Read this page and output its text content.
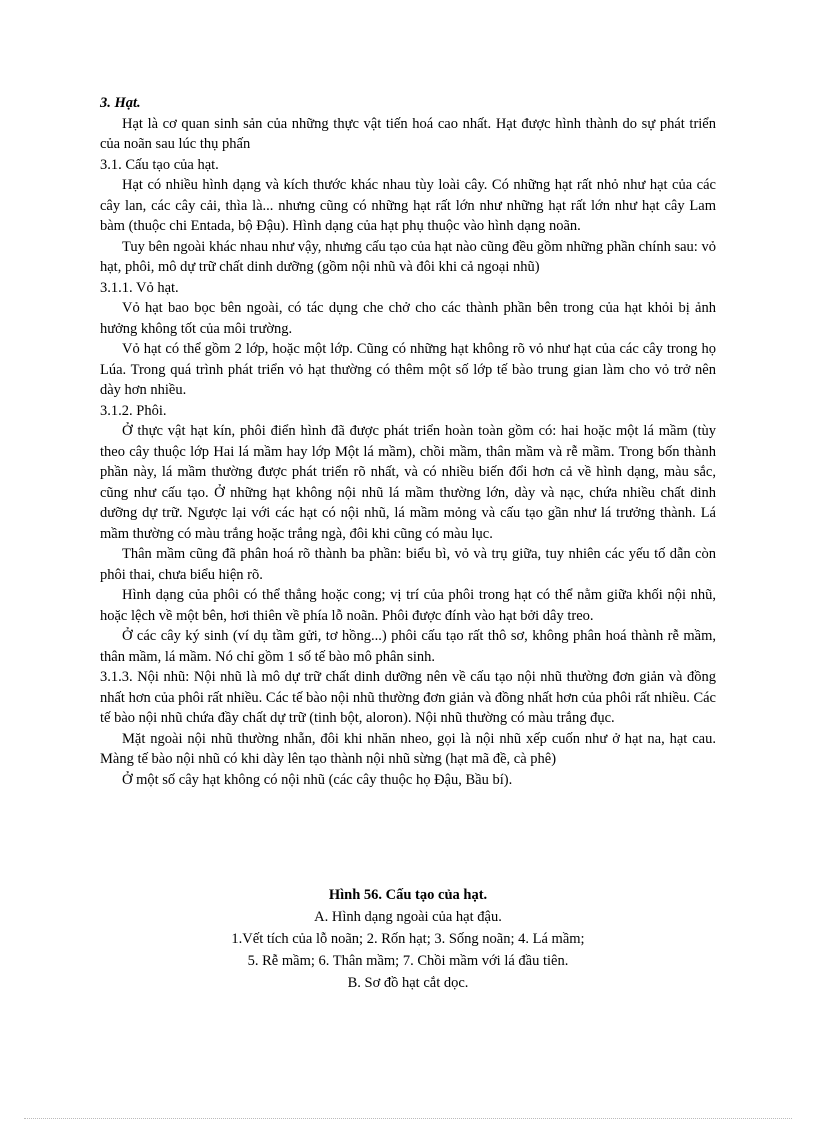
3. Hạt.

Hạt là cơ quan sinh sản của những thực vật tiến hoá cao nhất. Hạt được hình thành do sự phát triển của noãn sau lúc thụ phấn

3.1. Cấu tạo của hạt.

Hạt có nhiều hình dạng và kích thước khác nhau tùy loài cây. Có những hạt rất nhỏ như hạt của các cây lan, các cây cải, thìa là... nhưng cũng có những hạt rất lớn như những hạt rất lớn như hạt cây Lam bàm (thuộc chi Entada, bộ Đậu). Hình dạng của hạt phụ thuộc vào hình dạng noãn.

Tuy bên ngoài khác nhau như vậy, nhưng cấu tạo của hạt nào cũng đều gồm những phần chính sau: vỏ hạt, phôi, mô dự trữ chất dinh dưỡng (gồm nội nhũ và đôi khi cả ngoại nhũ)

3.1.1. Vỏ hạt.

Vỏ hạt bao bọc bên ngoài, có tác dụng che chở cho các thành phần bên trong của hạt khỏi bị ảnh hưởng không tốt của môi trường.

Vỏ hạt có thể gồm 2 lớp, hoặc một lớp. Cũng có những hạt không rõ vỏ như hạt của các cây trong họ Lúa. Trong quá trình phát triển vỏ hạt thường có thêm một số lớp tế bào trung gian làm cho vỏ trở nên dày hơn nhiều.

3.1.2. Phôi.

Ở thực vật hạt kín, phôi điển hình đã được phát triển hoàn toàn gồm có: hai hoặc một lá mầm (tùy theo cây thuộc lớp Hai lá mầm hay lớp Một lá mầm), chồi mầm, thân mầm và rễ mầm. Trong bốn thành phần này, lá mầm thường được phát triển rõ nhất, và có nhiều biến đổi hơn cả về hình dạng, màu sắc, cũng như cấu tạo. Ở những hạt không nội nhũ lá mầm thường lớn, dày và nạc, chứa nhiều chất dinh dưỡng dự trữ. Ngược lại với các hạt có nội nhũ, lá mầm mỏng và cấu tạo gần như lá trưởng thành. Lá mầm thường có màu trắng hoặc trắng ngà, đôi khi cũng có màu lục.

Thân mầm cũng đã phân hoá rõ thành ba phần: biểu bì, vỏ và trụ giữa, tuy nhiên các yếu tố dẫn còn phôi thai, chưa biểu hiện rõ.

Hình dạng của phôi có thể thẳng hoặc cong; vị trí của phôi trong hạt có thể nằm giữa khối nội nhũ, hoặc lệch về một bên, hơi thiên về phía lỗ noãn. Phôi được đính vào hạt bởi dây treo.

Ở các cây ký sinh (ví dụ tầm gửi, tơ hồng...) phôi cấu tạo rất thô sơ, không phân hoá thành rễ mầm, thân mầm, lá mầm. Nó chỉ gồm 1 số tế bào mô phân sinh.

3.1.3. Nội nhũ: Nội nhũ là mô dự trữ chất dinh dưỡng nên về cấu tạo nội nhũ thường đơn giản và đồng nhất hơn của phôi rất nhiều. Các tế bào nội nhũ thường đơn giản và đồng nhất hơn của phôi rất nhiều. Các tế bào nội nhũ chứa đầy chất dự trữ (tinh bột, aloron). Nội nhũ thường có màu trắng đục.

Mặt ngoài nội nhũ thường nhẵn, đôi khi nhăn nheo, gọi là nội nhũ xếp cuốn như ở hạt na, hạt cau. Màng tế bào nội nhũ có khi dày lên tạo thành nội nhũ sừng (hạt mã đề, cà phê)

Ở một số cây hạt không có nội nhũ (các cây thuộc họ Đậu, Bầu bí).

Hình 56. Cấu tạo của hạt.
A. Hình dạng ngoài của hạt đậu.
1.Vết tích của lỗ noãn; 2. Rốn hạt; 3. Sống noãn; 4. Lá mầm;
5. Rễ mầm; 6. Thân mầm; 7. Chồi mầm với lá đầu tiên.
B. Sơ đồ hạt cắt dọc.
